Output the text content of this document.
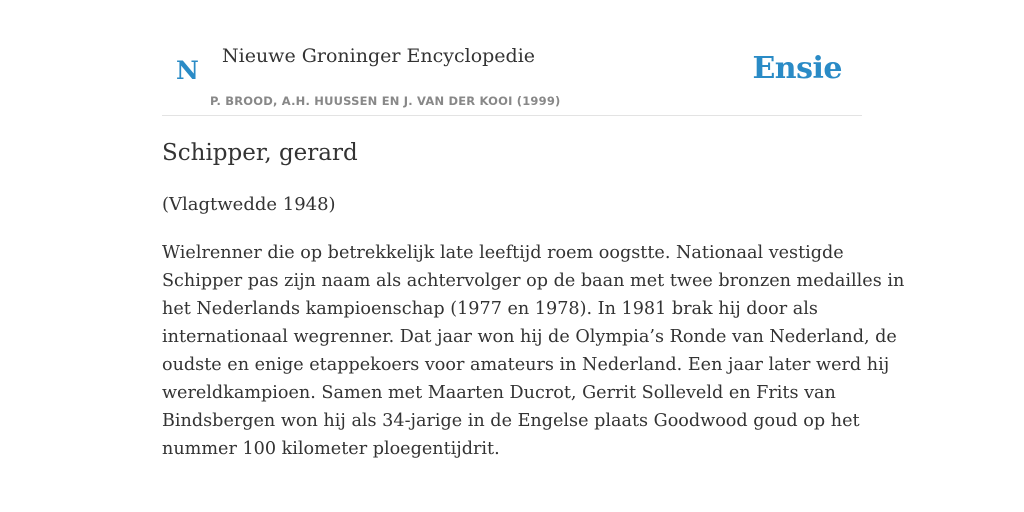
N Nieuwe Groninger Encyclopedie
P. BROOD, A.H. HUUSSEN EN J. VAN DER KOOI (1999)
Ensie
Schipper, gerard

(Vlagtwedde 1948)

Wielrenner die op betrekkelijk late leeftijd roem oogstte. Nationaal vestigde
Schipper pas zijn naam als achtervolger op de baan met twee bronzen medailles in
het Nederlands kampioenschap (1977 en 1978). In 1981 brak hij door als
internationaal wegrenner. Dat jaar won hij de Olympia’s Ronde van Nederland, de
oudste en enige etappekoers voor amateurs in Nederland. Een jaar later werd hij
wereldkampioen. Samen met Maarten Ducrot, Gerrit Solleveld en Frits van
Bindsbergen won hij als 34-jarige in de Engelse plaats Goodwood goud op het
nummer 100 kilometer ploegentijdrit.
